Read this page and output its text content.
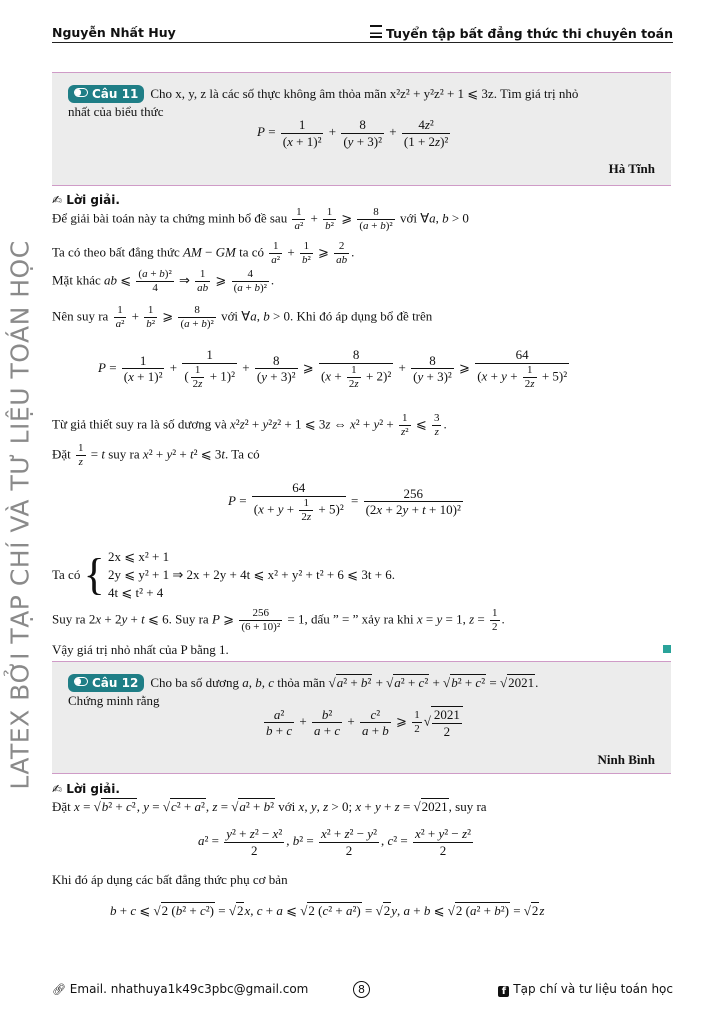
Nguyễn Nhất Huy	Tuyển tập bất đẳng thức thi chuyên toán
LATEX BỞI TẠP CHÍ VÀ TƯ LIỆU TOÁN HỌC
Câu 11 Cho x, y, z là các số thực không âm thỏa mãn x²z² + y²z² + 1 ⩽ 3z. Tìm giá trị nhỏ
nhất của biểu thức
$P = \frac{1}{\text{(x + 1)²}} + \frac{8}{\text{(y + 3)²}} + \frac{\text{4z²}}{\text{(1 + 2z)²}}$
Hà Tĩnh
✍ Lời giải.
Để giải bài toán này ta chứng minh bổ đề sau $\frac{1}{\text{a²}} + \frac{1}{\text{b²}}$ ⩾ $\frac{8}{\text{(a + b)²}}$ với ∀a, b > 0
Ta có theo bất đẳng thức AM − GM ta có $\frac{1}{\text{a²}} + \frac{1}{\text{b²}}$ ⩾ $\frac{2}{ab}$ .
Mặt khác ab ⩽ $\frac{\text{(a + b)²}}{4}$ ⇒ $\frac{1}{ab}$ ⩾ $\frac{4}{\text{(a + b)²}}$ .
Nên suy ra $\frac{1}{\text{a²}} + \frac{1}{\text{b²}}$ ⩾ $\frac{8}{\text{(a + b)²}}$ với ∀a, b > 0. Khi đó áp dụng bổ đề trên
$P = \frac{1}{\text{(x + 1)²}} + \frac{1}{( \frac{1}{2z} + 1)^2} + \frac{8}{\text{(y + 3)²}}$ ⩾ $\frac{8}{(x + \frac{1}{2z} + 2)^2} + \frac{8}{\text{(y + 3)²}}$ ⩾ $\frac{64}{(x + y + \frac{1}{2z} + 5)^2}$
Từ giả thiết suy ra là số dương và x²z² + y²z² + 1 ⩽ 3z ⇔ $x^2 + y^2 + \frac{1}{\text{z²}}$ ⩽ $\frac{3}{z}$ .
Đặt $\frac{1}{z} = t$ suy ra x² + y² + t² ⩽ 3t. Ta có
$P = \frac{64}{(x + y + \frac{1}{2z} + 5)^2} = \frac{256}{\text{(2x + 2y + t + 10)²}}$
Ta có { 2x ⩽ x² + 1
2y ⩽ y² + 1
4t ⩽ t² + 4
⇒ 2x + 2y + 4t ⩽ x² + y² + t² + 6 ⩽ 3t + 6.
Suy ra 2x + 2y + t ⩽ 6. Suy ra P ⩾ $\frac{256}{\text{(6 + 10)²}} = 1$, dấu ” = ” xảy ra khi x = y = 1, $z = \frac{1}{2}$ .
Vậy giá trị nhỏ nhất của P bằng 1.
Câu 12 Cho ba số dương a, b, c thỏa mãn √a² + b² + √a² + c² + √b² + c² = √2021.
Chứng minh rằng
$\frac{\text{a²}}{b + c} + \frac{\text{b²}}{a + c} + \frac{\text{c²}}{a + b}$ ⩾ $\frac{1}{2}$ √ $\frac{2021}{2}$
Ninh Bình
✍ Lời giải.
Đặt x = √b² + c², y = √c² + a², z = √a² + b² với x, y, z > 0; x + y + z = √2021, suy ra
$a^2 = \frac{\text{y² + z² − x²}}{2}$ , $b^2 = \frac{\text{x² + z² − y²}}{2}$ , $c^2 = \frac{\text{x² + y² − z²}}{2}$
Khi đó áp dụng các bất đẳng thức phụ cơ bản
b + c ⩽ √2 (b² + c²) = √2x, c + a ⩽ √2 (c² + a²) = √2y, a + b ⩽ √2 (a² + b²) = √2z
🔗︎ Email. nhathuya1k49c3pbc@gmail.com	8	f Tạp chí và tư liệu toán học
